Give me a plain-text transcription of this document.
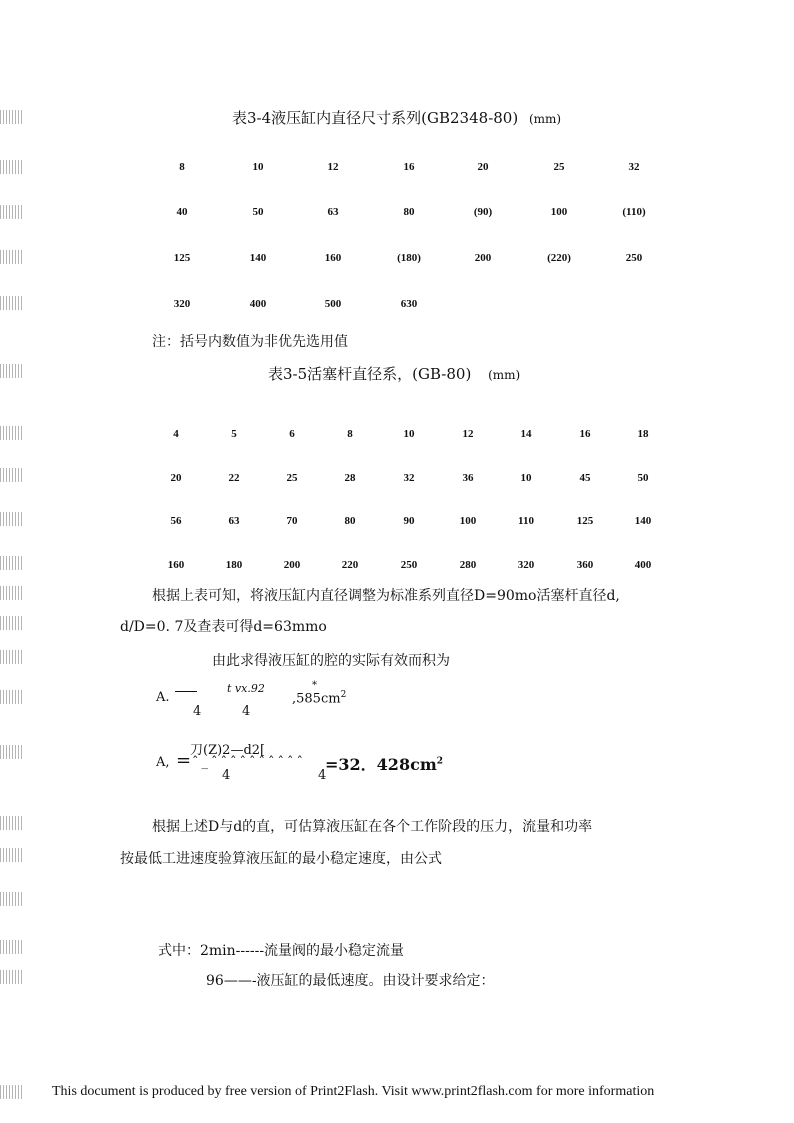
表3-4液压缸内直径尺寸系列(GB2348-80) (mm)
8	10	12	16	20	25	32
40	50	63	80	(90)	100	(110)
125	140	160	(180)	200	(220)	250
320	400	500	630
注：括号内数值为非优先选用值
表3-5活塞杆直径系，(GB-80) (mm)
4	5	6	8	10	12	14	16	18
20	22	25	28	32	36	10	45	50
56	63	70	80	90	100	110	125	140
160	180	200	220	250	280	320	360	400
根据上表可知，将液压缸内直径调整为标准系列直径D=90mo活塞杆直径d,
d/D=0. 7及查表可得d=63mmo
由此求得液压缸的腔的实际有效而积为
A.
4
t vx.92
4
*
$,585cm^2$
A, =
刀(Z)2—d2[
ˆ_ˆˆˆˆˆˆˆˆˆˆ
4	4
=32．$428cm^2$
根据上述D与d的直，可估算液压缸在各个工作阶段的压力，流量和功率
按最低工进速度验算液压缸的最小稳定速度，由公式
式中：2min------流量阀的最小稳定流量
96——-液压缸的最低速度。由设计要求给定：
This document is produced by free version of Print2Flash. Visit www.print2flash.com for more information
